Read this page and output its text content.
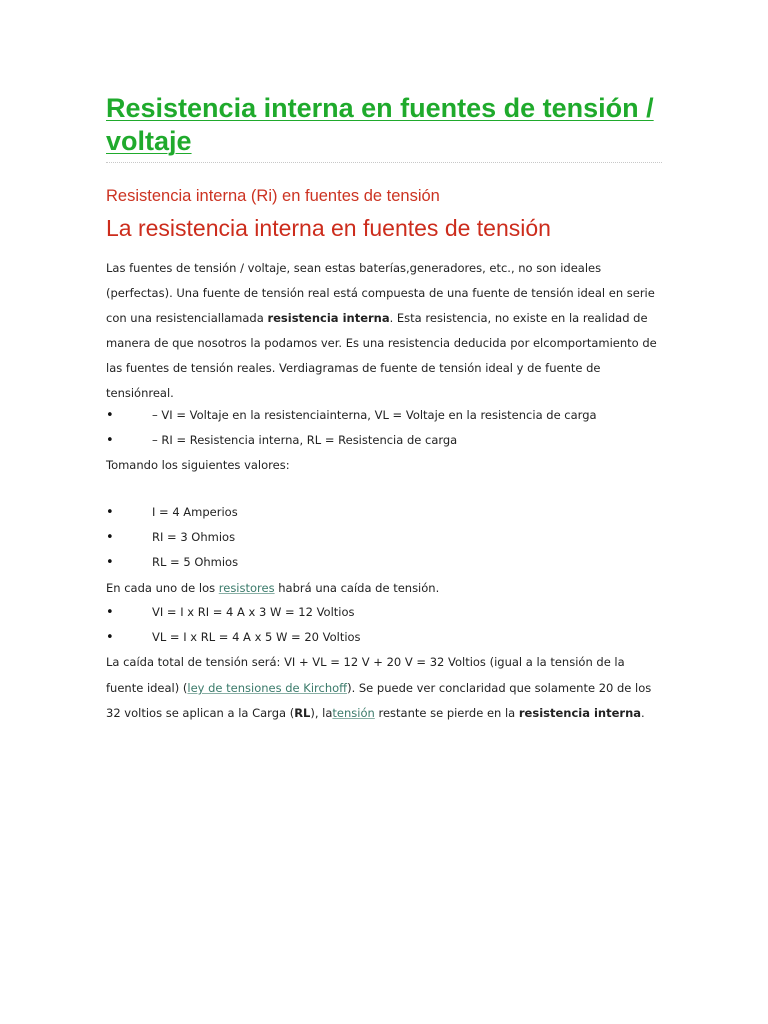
Resistencia interna en fuentes de tensión / voltaje
Resistencia interna (Ri) en fuentes de tensión
La resistencia interna en fuentes de tensión
Las fuentes de tensión / voltaje, sean estas baterías,generadores, etc., no son ideales (perfectas). Una fuente de tensión real está compuesta de una fuente de tensión ideal en serie con una resistenciallamada resistencia interna. Esta resistencia, no existe en la realidad de manera de que nosotros la podamos ver. Es una resistencia deducida por elcomportamiento de las fuentes de tensión reales. Verdiagramas de fuente de tensión ideal y de fuente de tensiónreal.
•	– VI = Voltaje en la resistenciainterna, VL = Voltaje en la resistencia de carga
•	– RI = Resistencia interna, RL = Resistencia de carga
Tomando los siguientes valores:
•	I = 4 Amperios
•	RI = 3 Ohmios
•	RL = 5 Ohmios
En cada uno de los resistores habrá una caída de tensión.
•	VI = I x RI = 4 A x 3 W = 12 Voltios
•	VL = I x RL = 4 A x 5 W = 20 Voltios
La caída total de tensión será: VI + VL = 12 V + 20 V = 32 Voltios (igual a la tensión de la
fuente ideal) (ley de tensiones de Kirchoff). Se puede ver conclaridad que solamente 20 de los
32 voltios se aplican a la Carga (RL), latensión restante se pierde en la resistencia interna.
